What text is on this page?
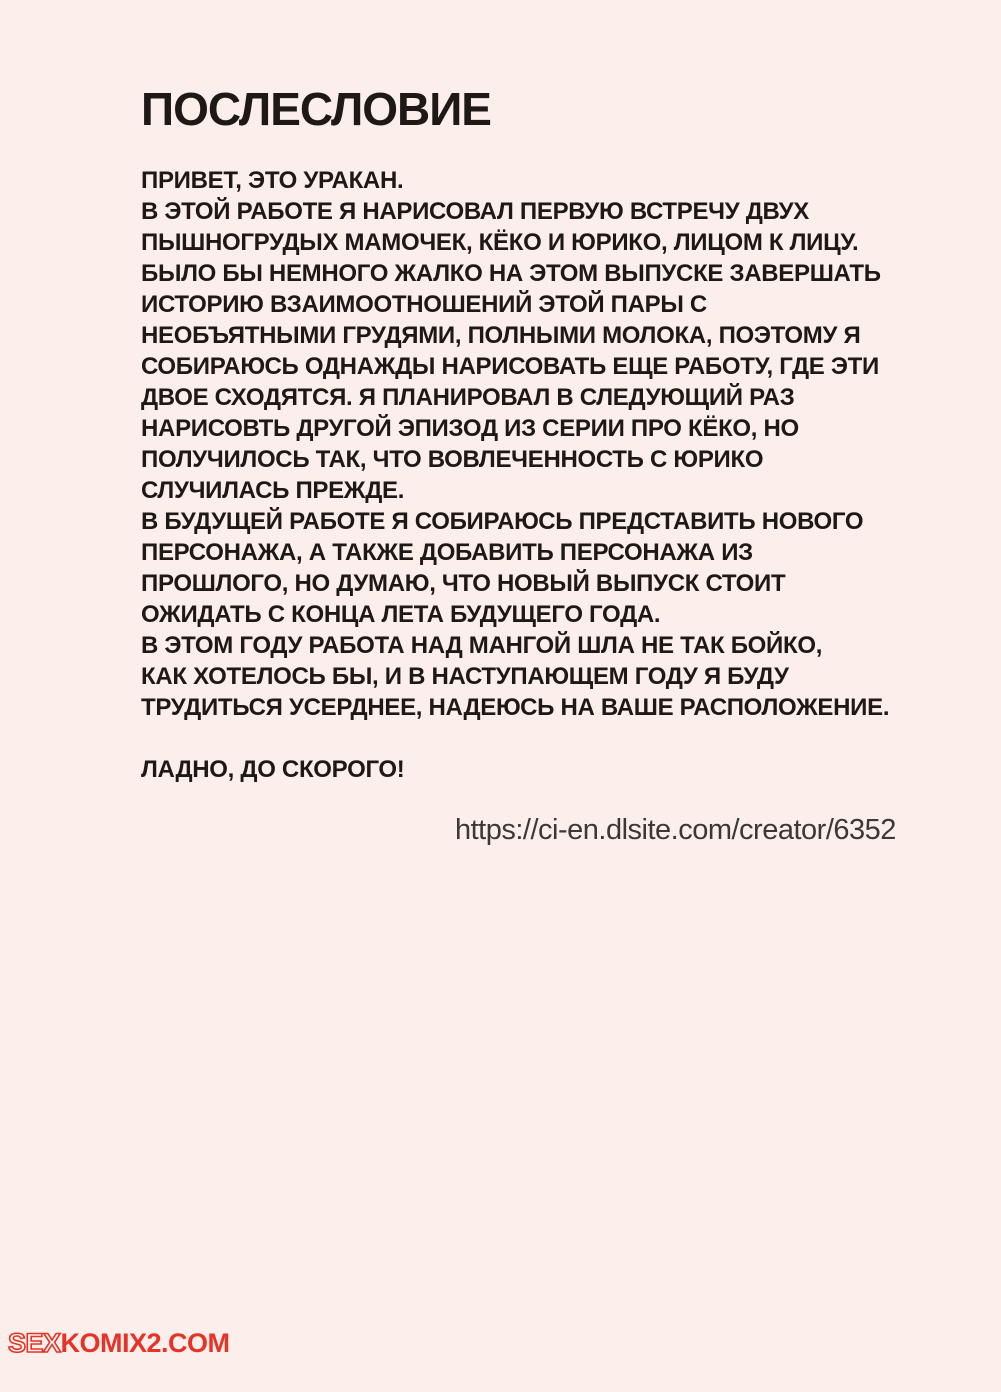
ПОСЛЕСЛОВИЕ
ПРИВЕТ, ЭТО УРАКАН.
В ЭТОЙ РАБОТЕ Я НАРИСОВАЛ ПЕРВУЮ ВСТРЕЧУ ДВУХ
ПЫШНОГРУДЫХ МАМОЧЕК, КЁКО И ЮРИКО, ЛИЦОМ К ЛИЦУ.
БЫЛО БЫ НЕМНОГО ЖАЛКО НА ЭТОМ ВЫПУСКЕ ЗАВЕРШАТЬ
ИСТОРИЮ ВЗАИМООТНОШЕНИЙ ЭТОЙ ПАРЫ С
НЕОБЪЯТНЫМИ ГРУДЯМИ, ПОЛНЫМИ МОЛОКА, ПОЭТОМУ Я
СОБИРАЮСЬ ОДНАЖДЫ НАРИСОВАТЬ ЕЩЕ РАБОТУ, ГДЕ ЭТИ
ДВОЕ СХОДЯТСЯ. Я ПЛАНИРОВАЛ В СЛЕДУЮЩИЙ РАЗ
НАРИСОВТЬ ДРУГОЙ ЭПИЗОД ИЗ СЕРИИ ПРО КЁКО, НО
ПОЛУЧИЛОСЬ ТАК, ЧТО ВОВЛЕЧЕННОСТЬ С ЮРИКО
СЛУЧИЛАСЬ ПРЕЖДЕ.
В БУДУЩЕЙ РАБОТЕ Я СОБИРАЮСЬ ПРЕДСТАВИТЬ НОВОГО
ПЕРСОНАЖА, А ТАКЖЕ ДОБАВИТЬ ПЕРСОНАЖА ИЗ
ПРОШЛОГО, НО ДУМАЮ, ЧТО НОВЫЙ ВЫПУСК СТОИТ
ОЖИДАТЬ С КОНЦА ЛЕТА БУДУЩЕГО ГОДА.
В ЭТОМ ГОДУ РАБОТА НАД МАНГОЙ ШЛА НЕ ТАК БОЙКО,
КАК ХОТЕЛОСЬ БЫ, И В НАСТУПАЮЩЕМ ГОДУ Я БУДУ
ТРУДИТЬСЯ УСЕРДНЕЕ, НАДЕЮСЬ НА ВАШЕ РАСПОЛОЖЕНИЕ.
ЛАДНО, ДО СКОРОГО!
https://ci-en.dlsite.com/creator/6352
SEXKOMIX2.COM
